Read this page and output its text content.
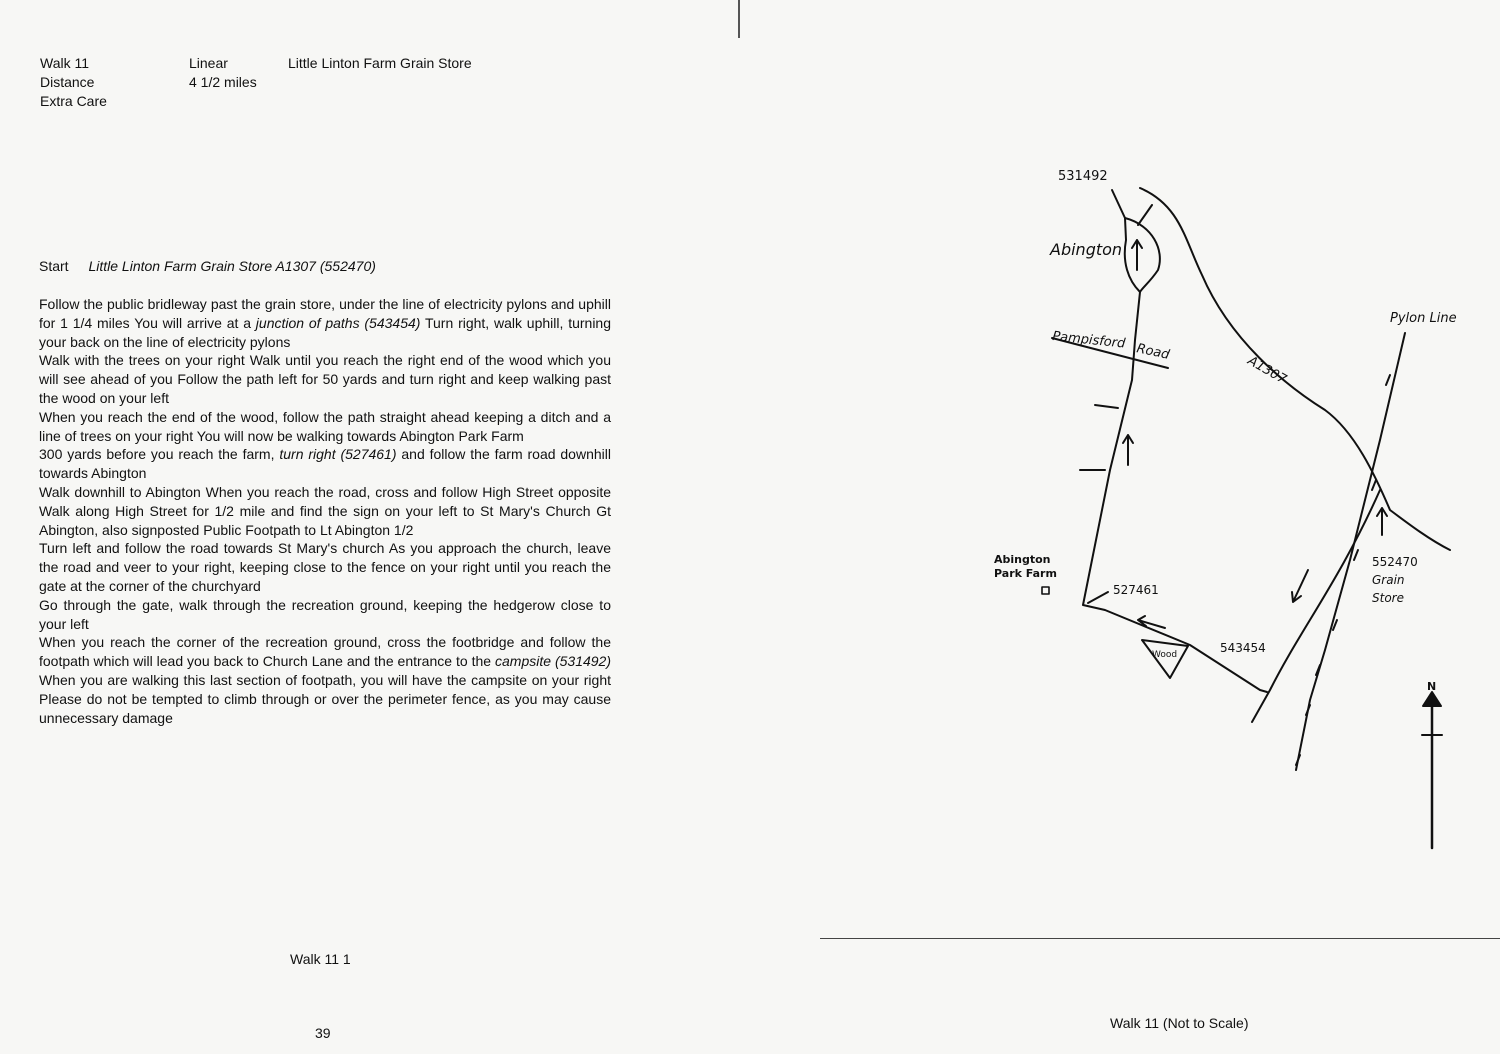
Walk 11
Distance
Extra Care
Linear
4 1/2 miles
Little Linton Farm Grain Store
Start Little Linton Farm Grain Store A1307 (552470)

Follow the public bridleway past the grain store, under the line of electricity pylons and uphill for 1 1/4 miles You will arrive at a junction of paths (543454) Turn right, walk uphill, turning your back on the line of electricity pylons

Walk with the trees on your right Walk until you reach the right end of the wood which you will see ahead of you Follow the path left for 50 yards and turn right and keep walking past the wood on your left

When you reach the end of the wood, follow the path straight ahead keeping a ditch and a line of trees on your right You will now be walking towards Abington Park Farm

300 yards before you reach the farm, turn right (527461) and follow the farm road downhill towards Abington

Walk downhill to Abington When you reach the road, cross and follow High Street opposite Walk along High Street for 1/2 mile and find the sign on your left to St Mary's Church Gt Abington, also signposted Public Footpath to Lt Abington 1/2

Turn left and follow the road towards St Mary's church As you approach the church, leave the road and veer to your right, keeping close to the fence on your right until you reach the gate at the corner of the churchyard

Go through the gate, walk through the recreation ground, keeping the hedgerow close to your left

When you reach the corner of the recreation ground, cross the footbridge and follow the footpath which will lead you back to Church Lane and the entrance to the campsite (531492) When you are walking this last section of footpath, you will have the campsite on your right Please do not be tempted to climb through or over the perimeter fence, as you may cause unnecessary damage

Walk 11 1
39
531492
Abington
Pampisford
Road
A1307
Pylon Line
Abington
Park Farm
527461
Wood	543454
552470
Grain
Store
N
Walk 11 (Not to Scale)
